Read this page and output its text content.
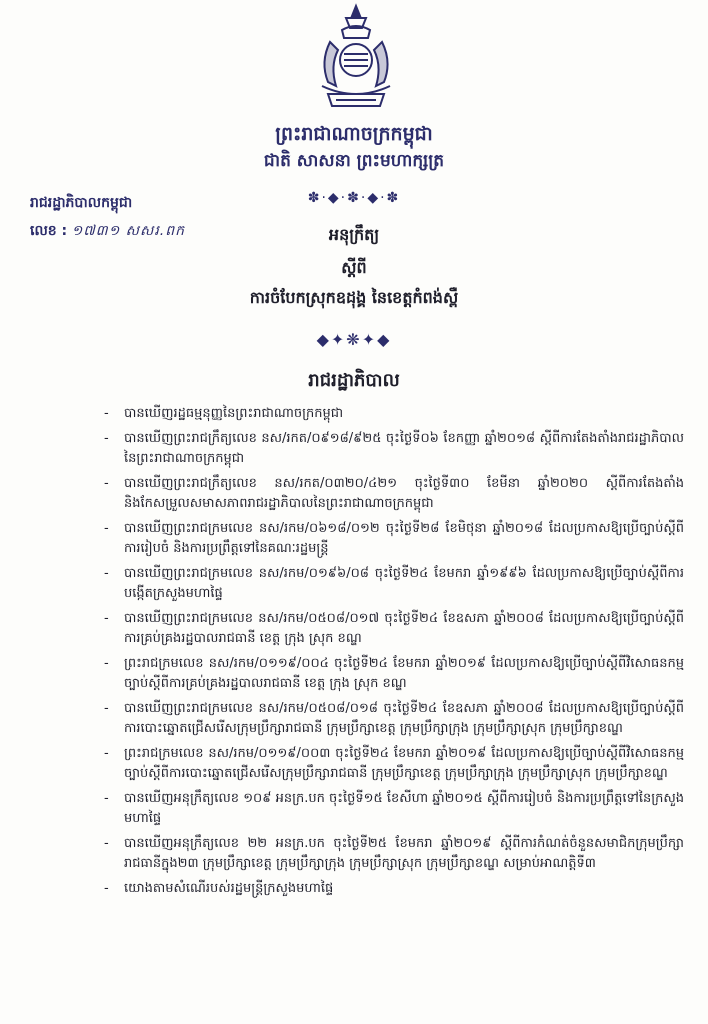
ព្រះរាជាណាចក្រកម្ពុជា
ជាតិ សាសនា ព្រះមហាក្សត្រ
✽·◆·✽·◆·✽
រាជរដ្ឋាភិបាលកម្ពុជា
លេខ : ១៧៣១ សសរ.ពក	អនុក្រឹត្យ
ស្តីពី
ការចំបែកស្រុកឧដុង្គ នៃខេត្តកំពង់ស្ពឺ
◆✦❋✦◆
រាជរដ្ឋាភិបាល
- បានឃើញរដ្ឋធម្មនុញ្ញនៃព្រះរាជាណាចក្រកម្ពុជា
- បានឃើញព្រះរាជក្រឹត្យលេខ នស/រកត/០៩១៨/៩២៥ ចុះថ្ងៃទី០៦ ខែកញ្ញា ឆ្នាំ២០១៨ ស្តីពីការតែងតាំងរាជរដ្ឋាភិបាលនៃព្រះរាជាណាចក្រកម្ពុជា
- បានឃើញព្រះរាជក្រឹត្យលេខ នស/រកត/០៣២០/៤២១ ចុះថ្ងៃទី៣០ ខែមីនា ឆ្នាំ២០២០ ស្តីពីការតែងតាំង និងកែសម្រួលសមាសភាពរាជរដ្ឋាភិបាលនៃព្រះរាជាណាចក្រកម្ពុជា
- បានឃើញព្រះរាជក្រមលេខ នស/រកម/០៦១៨/០១២ ចុះថ្ងៃទី២៨ ខែមិថុនា ឆ្នាំ២០១៨ ដែលប្រកាសឱ្យប្រើច្បាប់ស្តីពីការរៀបចំ និងការប្រព្រឹត្តទៅនៃគណៈរដ្ឋមន្ត្រី
- បានឃើញព្រះរាជក្រមលេខ នស/រកម/០១៩៦/០៨ ចុះថ្ងៃទី២៤ ខែមករា ឆ្នាំ១៩៩៦ ដែលប្រកាសឱ្យប្រើច្បាប់ស្តីពីការបង្កើតក្រសួងមហាផ្ទៃ
- បានឃើញព្រះរាជក្រមលេខ នស/រកម/០៥០៨/០១៧ ចុះថ្ងៃទី២៤ ខែឧសភា ឆ្នាំ២០០៨ ដែលប្រកាសឱ្យប្រើច្បាប់ស្តីពីការគ្រប់គ្រងរដ្ឋបាលរាជធានី ខេត្ត ក្រុង ស្រុក ខណ្ឌ
- ព្រះរាជក្រមលេខ នស/រកម/០១១៩/០០៤ ចុះថ្ងៃទី២៤ ខែមករា ឆ្នាំ២០១៩ ដែលប្រកាសឱ្យប្រើច្បាប់ស្តីពីវិសោធនកម្មច្បាប់ស្តីពីការគ្រប់គ្រងរដ្ឋបាលរាជធានី ខេត្ត ក្រុង ស្រុក ខណ្ឌ
- បានឃើញព្រះរាជក្រមលេខ នស/រកម/០៥០៨/០១៨ ចុះថ្ងៃទី២៤ ខែឧសភា ឆ្នាំ២០០៨ ដែលប្រកាសឱ្យប្រើច្បាប់ស្តីពីការបោះឆ្នោតជ្រើសរើសក្រុមប្រឹក្សារាជធានី ក្រុមប្រឹក្សាខេត្ត ក្រុមប្រឹក្សាក្រុង ក្រុមប្រឹក្សាស្រុក ក្រុមប្រឹក្សាខណ្ឌ
- ព្រះរាជក្រមលេខ នស/រកម/០១១៩/០០៣ ចុះថ្ងៃទី២៤ ខែមករា ឆ្នាំ២០១៩ ដែលប្រកាសឱ្យប្រើច្បាប់ស្តីពីវិសោធនកម្មច្បាប់ស្តីពីការបោះឆ្នោតជ្រើសរើសក្រុមប្រឹក្សារាជធានី ក្រុមប្រឹក្សាខេត្ត ក្រុមប្រឹក្សាក្រុង ក្រុមប្រឹក្សាស្រុក ក្រុមប្រឹក្សាខណ្ឌ
- បានឃើញអនុក្រឹត្យលេខ ១០៩ អនក្រ.បក ចុះថ្ងៃទី១៥ ខែសីហា ឆ្នាំ២០១៥ ស្តីពីការរៀបចំ និងការប្រព្រឹត្តទៅនៃក្រសួងមហាផ្ទៃ
- បានឃើញអនុក្រឹត្យលេខ ២២ អនក្រ.បក ចុះថ្ងៃទី២៥ ខែមករា ឆ្នាំ២០១៩ ស្តីពីការកំណត់ចំនួនសមាជិកក្រុមប្រឹក្សារាជធានីក្នុង២៣ ក្រុមប្រឹក្សាខេត្ត ក្រុមប្រឹក្សាក្រុង ក្រុមប្រឹក្សាស្រុក ក្រុមប្រឹក្សាខណ្ឌ សម្រាប់អាណត្តិទី៣
- យោងតាមសំណើរបស់រដ្ឋមន្ត្រីក្រសួងមហាផ្ទៃ
